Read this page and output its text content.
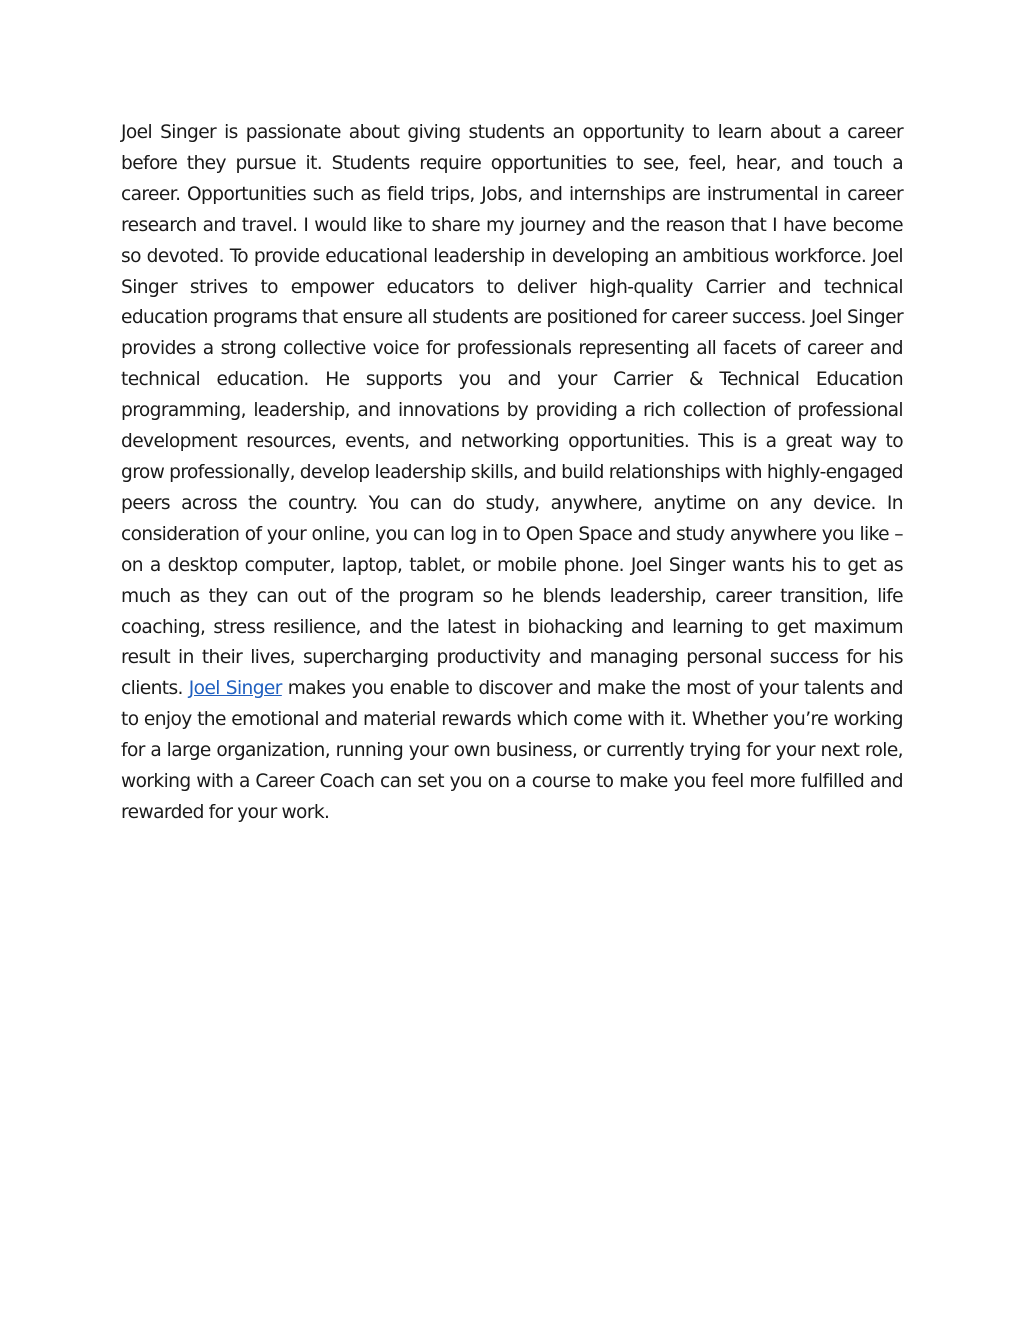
Joel Singer is passionate about giving students an opportunity to learn about a career before they pursue it. Students require opportunities to see, feel, hear, and touch a career. Opportunities such as field trips, Jobs, and internships are instrumental in career research and travel. I would like to share my journey and the reason that I have become so devoted. To provide educational leadership in developing an ambitious workforce. Joel Singer strives to empower educators to deliver high-quality Carrier and technical education programs that ensure all students are positioned for career success. Joel Singer provides a strong collective voice for professionals representing all facets of career and technical education. He supports you and your Carrier & Technical Education programming, leadership, and innovations by providing a rich collection of professional development resources, events, and networking opportunities. This is a great way to grow professionally, develop leadership skills, and build relationships with highly-engaged peers across the country. You can do study, anywhere, anytime on any device. In consideration of your online, you can log in to Open Space and study anywhere you like – on a desktop computer, laptop, tablet, or mobile phone. Joel Singer wants his to get as much as they can out of the program so he blends leadership, career transition, life coaching, stress resilience, and the latest in biohacking and learning to get maximum result in their lives, supercharging productivity and managing personal success for his clients. Joel Singer makes you enable to discover and make the most of your talents and to enjoy the emotional and material rewards which come with it. Whether you’re working for a large organization, running your own business, or currently trying for your next role, working with a Career Coach can set you on a course to make you feel more fulfilled and rewarded for your work.
